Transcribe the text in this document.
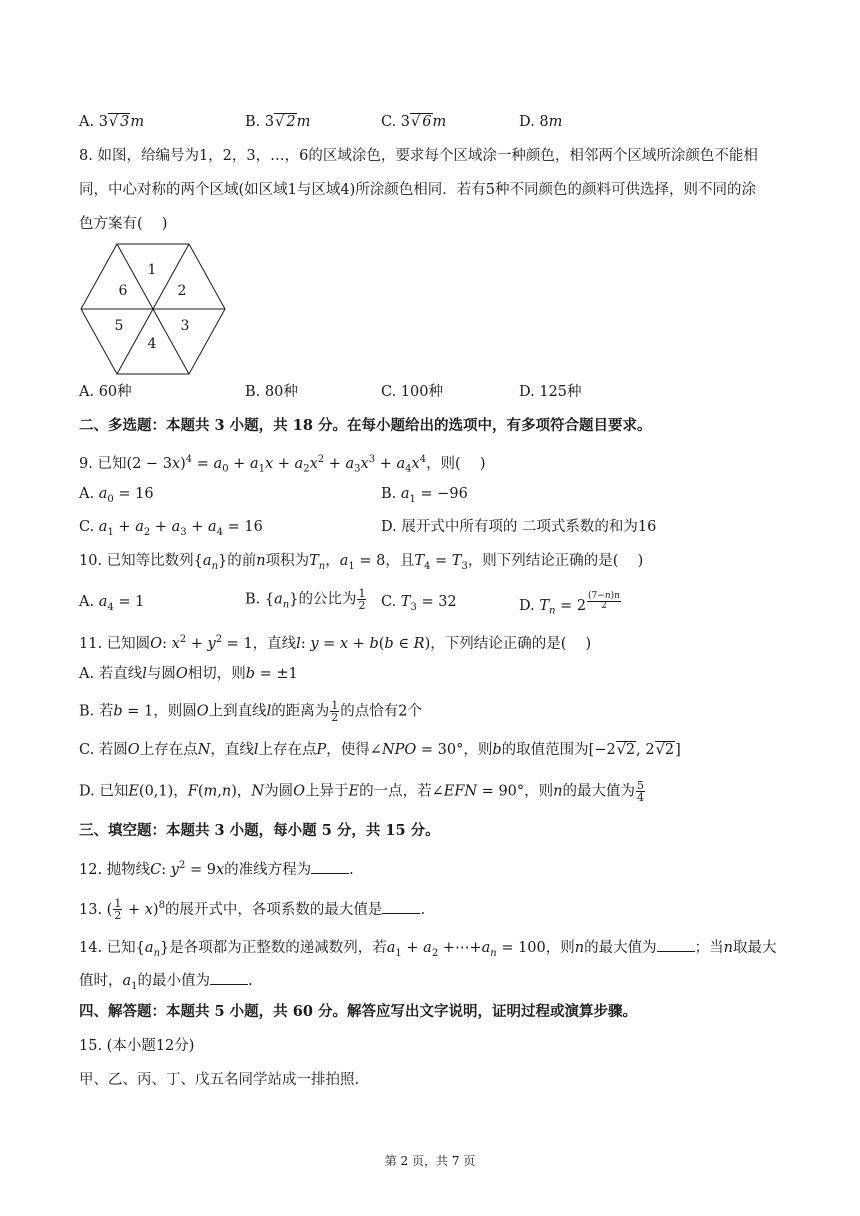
A. 3√ 3m	B. 3√ 2m	C. 3√ 6m	D. 8m
8. 如图，给编号为1，2，3，…，6的区域涂色，要求每个区域涂一种颜色，相邻两个区域所涂颜色不能相
同，中心对称的两个区域(如区域1与区域4)所涂颜色相同．若有5种不同颜色的颜料可供选择，则不同的涂
色方案有(　 )
1
2
3
4
5
6
A. 60种	B. 80种	C. 100种	D. 125种
二、多选题：本题共 3 小题，共 18 分。在每小题给出的选项中，有多项符合题目要求。
9. 已知$(2 - 3x)^4 = a_0 + a_1x + a_2x^2 + a_3x^3 + a_4x^4$，则(　 )
A. $a_0 = 16$	B. $a_1 = -96$
C. $a_1 + a_2 + a_3 + a_4 = 16$	D. 展开式中所有项的 二项式系数的和为16
10. 已知等比数列$\{a_n\}$的前n项积为$T_n$，$a_1 = 8$，且$T_4 = T_3$，则下列结论正确的是(　 )
A. $a_4 = 1$	B. $\{a_n\}$的公比为 $\frac{1}{2} C$. $T_3 = 32$	D. $T_n = 2$ $^{\frac{(7-n)n}{2}}$
11. 已知圆O: $x^2 + y^2 = 1$，直线l: y = x + b(b ∈ R)，下列结论正确的是(　 )
A. 若直线l与圆O相切，则b = ±1
B. 若b = 1，则圆O上到直线l的距离为 $\frac{1}{2}$ 的点恰有2个
C. 若圆O上存在点N，直线l上存在点P，使得∠NPO = 30°，则b的取值范围为[−2√2, 2√2]
D. 已知E(0,1)，F(m,n)，N为圆O上异于E的一点，若∠EFN = 90°，则n的最大值为 $\frac{5}{4}$
三、填空题：本题共 3 小题，每小题 5 分，共 15 分。
12. 抛物线C: $y^2 = 9x$的准线方程为	.
13. ( $\frac{1}{2} + x)^8$的展开式中，各项系数的最大值是	.
14. 已知$\{a_n\}$是各项都为正整数的递减数列，若$a_1 + a_2$ $+\cdots+a_n = 100$，则n的最大值为	；当n取最大
值时，$a_1$的最小值为	.
四、解答题：本题共 5 小题，共 60 分。解答应写出文字说明，证明过程或演算步骤。
15. (本小题12分)
甲、乙、丙、丁、戊五名同学站成一排拍照.
第 2 页，共 7 页
